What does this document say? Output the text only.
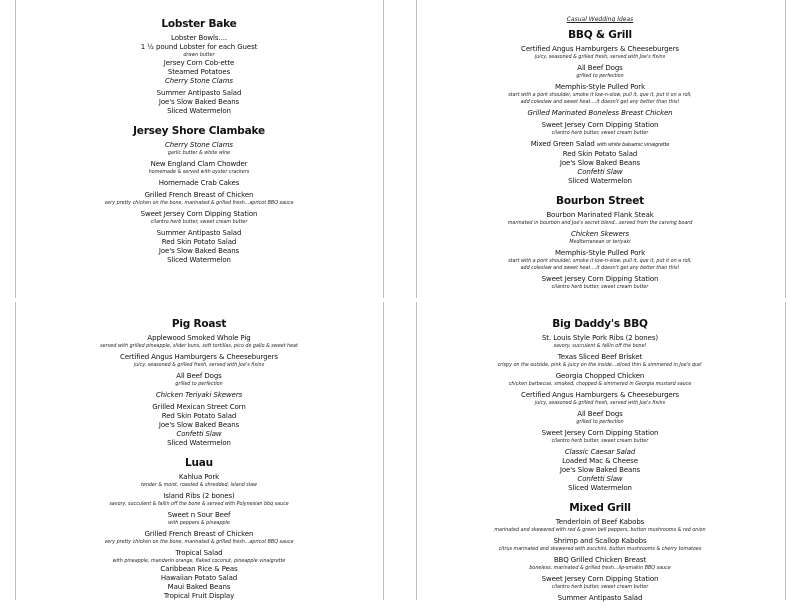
Lobster Bake
Lobster Bowls....
1 ½ pound Lobster for each Guest
drawn butter
Jersey Corn Cob-ette
Steamed Potatoes
Cherry Stone Clams
Summer Antipasto Salad
Joe's Slow Baked Beans
Sliced Watermelon
Jersey Shore Clambake
Cherry Stone Clams
garlic butter & white wine
New England Clam Chowder
homemade & served with oyster crackers
Homemade Crab Cakes
Grilled French Breast of Chicken
very pretty chicken on the bone, marinated & grilled fresh...apricot BBQ sauce
Sweet Jersey Corn Dipping Station
cilantro herb butter, sweet cream butter
Summer Antipasto Salad
Red Skin Potato Salad
Joe's Slow Baked Beans
Sliced Watermelon
Casual Wedding Ideas
BBQ & Grill
Certified Angus Hamburgers & Cheeseburgers
juicy, seasoned & grilled fresh, served with Joe's fixins
All Beef Dogs
grilled to perfection
Memphis-Style Pulled Pork
start with a pork shoulder, smoke it low-n-slow, pull it, que it, put it on a roll,
add coleslaw and sweet heat....it doesn't get any better than this!
Grilled Marinated Boneless Breast Chicken
Sweet Jersey Corn Dipping Station
cilantro herb butter, sweet cream butter
Mixed Green Salad with white balsamic vinaigrette
Red Skin Potato Salad
Joe's Slow Baked Beans
Confetti Slaw
Sliced Watermelon
Bourbon Street
Bourbon Marinated Flank Steak
marinated in bourbon and Joe's secret blend...served from the carving board
Chicken Skewers
Mediterranean or teriyaki
Memphis-Style Pulled Pork
start with a pork shoulder, smoke it low-n-slow, pull it, que it, put it on a roll,
add coleslaw and sweet heat....it doesn't get any better than this!
Sweet Jersey Corn Dipping Station
cilantro herb butter, sweet cream butter
Pig Roast
Applewood Smoked Whole Pig
served with grilled pineapple, slider buns, soft tortillas, pico de gallo & sweet heat
Certified Angus Hamburgers & Cheeseburgers
juicy, seasoned & grilled fresh, served with Joe's fixins
All Beef Dogs
grilled to perfection
Chicken Teriyaki Skewers
Grilled Mexican Street Corn
Red Skin Potato Salad
Joe's Slow Baked Beans
Confetti Slaw
Sliced Watermelon
Luau
Kahlua Pork
tender & moist, roasted & shredded, island slaw
Island Ribs (2 bones)
savory, succulent & fallin off the bone & served with Polynesian bbq sauce
Sweet n Sour Beef
with peppers & pineapple
Grilled French Breast of Chicken
very pretty chicken on the bone, marinated & grilled fresh...apricot BBQ sauce
Tropical Salad
with pineapple, mandarin orange, flaked coconut, pineapple vinaigrette
Caribbean Rice & Peas
Hawaiian Potato Salad
Maui Baked Beans
Tropical Fruit Display
Big Daddy's BBQ
St. Louis Style Pork Ribs (2 bones)
savory, succulent & fallin off the bone!
Texas Sliced Beef Brisket
crispy on the outside, pink & juicy on the inside...sliced thin & simmered in Joe's que'
Georgia Chopped Chicken
chicken barbecue, smoked, chopped & simmered in Georgia mustard sauce
Certified Angus Hamburgers & Cheeseburgers
juicy, seasoned & grilled fresh, served with Joe's fixins
All Beef Dogs
grilled to perfection
Sweet Jersey Corn Dipping Station
cilantro herb butter, sweet cream butter
Classic Caesar Salad
Loaded Mac & Cheese
Joe's Slow Baked Beans
Confetti Slaw
Sliced Watermelon
Mixed Grill
Tenderloin of Beef Kabobs
marinated and skewered with red & green bell peppers, button mushrooms & red onion
Shrimp and Scallop Kabobs
citrus marinated and skewered with zucchini, button mushrooms & cherry tomatoes
BBQ Grilled Chicken Breast
boneless, marinated & grilled fresh...lip-smakin BBQ sauce
Sweet Jersey Corn Dipping Station
cilantro herb butter, sweet cream butter
Summer Antipasto Salad
